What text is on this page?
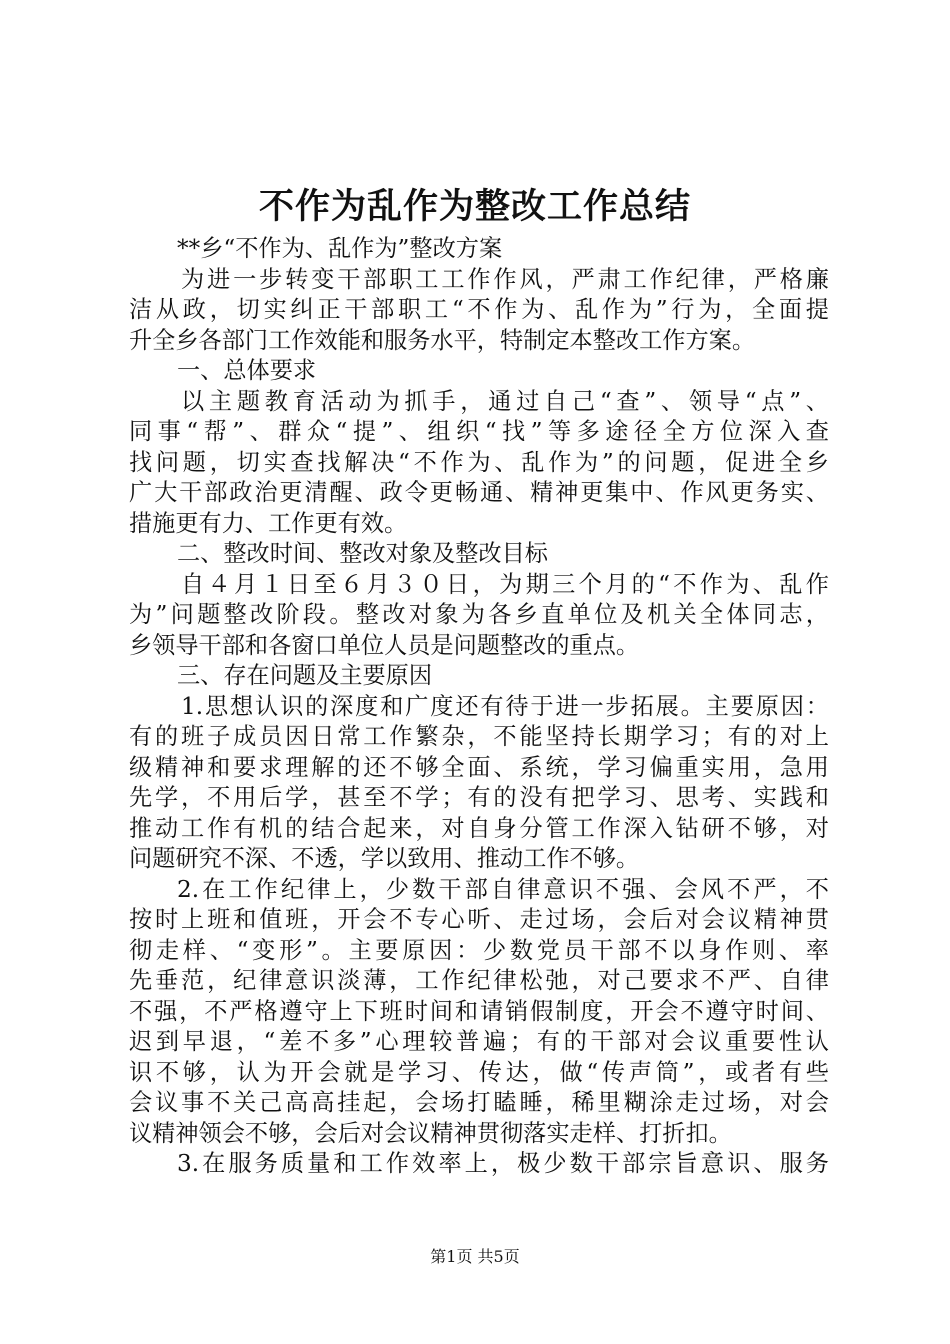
不作为乱作为整改工作总结
**乡“不作为、乱作为”整改方案
为进一步转变干部职工工作作风，严肃工作纪律，严格廉
洁从政，切实纠正干部职工“不作为、乱作为”行为，全面提
升全乡各部门工作效能和服务水平，特制定本整改工作方案。
一、总体要求
以主题教育活动为抓手，通过自己“查”、领导“点”、
同事“帮”、群众“提”、组织“找”等多途径全方位深入查
找问题，切实查找解决“不作为、乱作为”的问题，促进全乡
广大干部政治更清醒、政令更畅通、精神更集中、作风更务实、
措施更有力、工作更有效。
二、整改时间、整改对象及整改目标
自４月１日至６月３０日，为期三个月的“不作为、乱作
为”问题整改阶段。整改对象为各乡直单位及机关全体同志，
乡领导干部和各窗口单位人员是问题整改的重点。
三、存在问题及主要原因
1.思想认识的深度和广度还有待于进一步拓展。主要原因：
有的班子成员因日常工作繁杂，不能坚持长期学习；有的对上
级精神和要求理解的还不够全面、系统，学习偏重实用，急用
先学，不用后学，甚至不学；有的没有把学习、思考、实践和
推动工作有机的结合起来，对自身分管工作深入钻研不够，对
问题研究不深、不透，学以致用、推动工作不够。
2.在工作纪律上，少数干部自律意识不强、会风不严，不
按时上班和值班，开会不专心听、走过场，会后对会议精神贯
彻走样、“变形”。主要原因：少数党员干部不以身作则、率
先垂范，纪律意识淡薄，工作纪律松弛，对己要求不严、自律
不强，不严格遵守上下班时间和请销假制度，开会不遵守时间、
迟到早退，“差不多”心理较普遍；有的干部对会议重要性认
识不够，认为开会就是学习、传达，做“传声筒”，或者有些
会议事不关己高高挂起，会场打瞌睡，稀里糊涂走过场，对会
议精神领会不够，会后对会议精神贯彻落实走样、打折扣。
3.在服务质量和工作效率上，极少数干部宗旨意识、服务
第1页 共5页
